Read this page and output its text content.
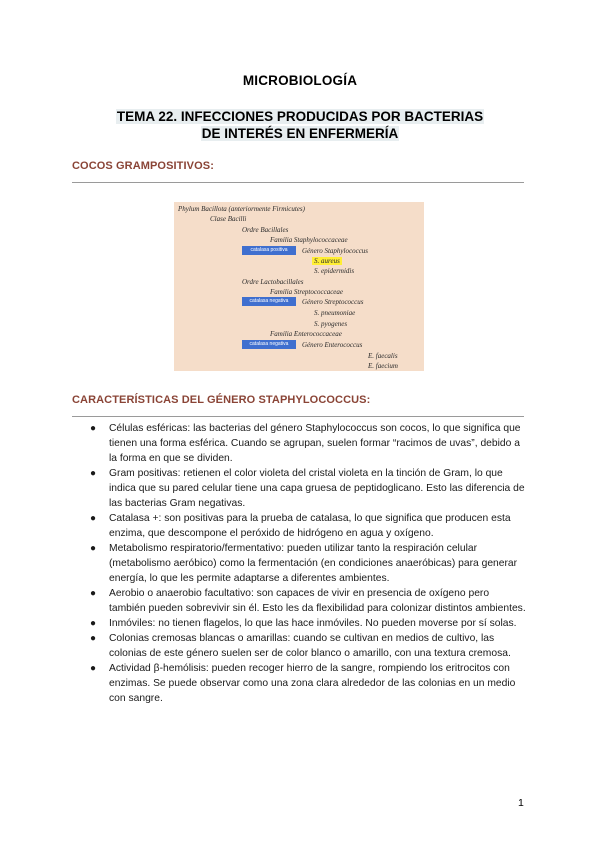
MICROBIOLOGÍA
TEMA 22. INFECCIONES PRODUCIDAS POR BACTERIAS
DE INTERÉS EN ENFERMERÍA
COCOS GRAMPOSITIVOS:
Phylum Bacillota (anteriormente Firmicutes)
Clase Bacilli
Ordre Bacillales
Familia Staphylococcaceae
catalasa positiva	Género Staphylococcus
S. aureus
S. epidermidis
Ordre Lactobacillales
Familia Streptococcaceae
catalasa negativa	Género Streptococcus
S. pneumoniae
S. pyogenes
Familia Enterococcaceae
catalasa negativa	Género Enterococcus
E. faecalis
E. faecium
CARACTERÍSTICAS DEL GÉNERO STAPHYLOCOCCUS:
● Células esféricas: las bacterias del género Staphylococcus son cocos, lo que significa que tienen una forma esférica. Cuando se agrupan, suelen formar “racimos de uvas”, debido a la forma en que se dividen.
● Gram positivas: retienen el color violeta del cristal violeta en la tinción de Gram, lo que indica que su pared celular tiene una capa gruesa de peptidoglicano. Esto las diferencia de las bacterias Gram negativas.
● Catalasa +: son positivas para la prueba de catalasa, lo que significa que producen esta enzima, que descompone el peróxido de hidrógeno en agua y oxígeno.
● Metabolismo respiratorio/fermentativo: pueden utilizar tanto la respiración celular (metabolismo aeróbico) como la fermentación (en condiciones anaeróbicas) para generar energía, lo que les permite adaptarse a diferentes ambientes.
● Aerobio o anaerobio facultativo: son capaces de vivir en presencia de oxígeno pero también pueden sobrevivir sin él. Esto les da flexibilidad para colonizar distintos ambientes.
● Inmóviles: no tienen flagelos, lo que las hace inmóviles. No pueden moverse por sí solas.
● Colonias cremosas blancas o amarillas: cuando se cultivan en medios de cultivo, las colonias de este género suelen ser de color blanco o amarillo, con una textura cremosa.
● Actividad β-hemólisis: pueden recoger hierro de la sangre, rompiendo los eritrocitos con enzimas. Se puede observar como una zona clara alrededor de las colonias en un medio con sangre.
1
